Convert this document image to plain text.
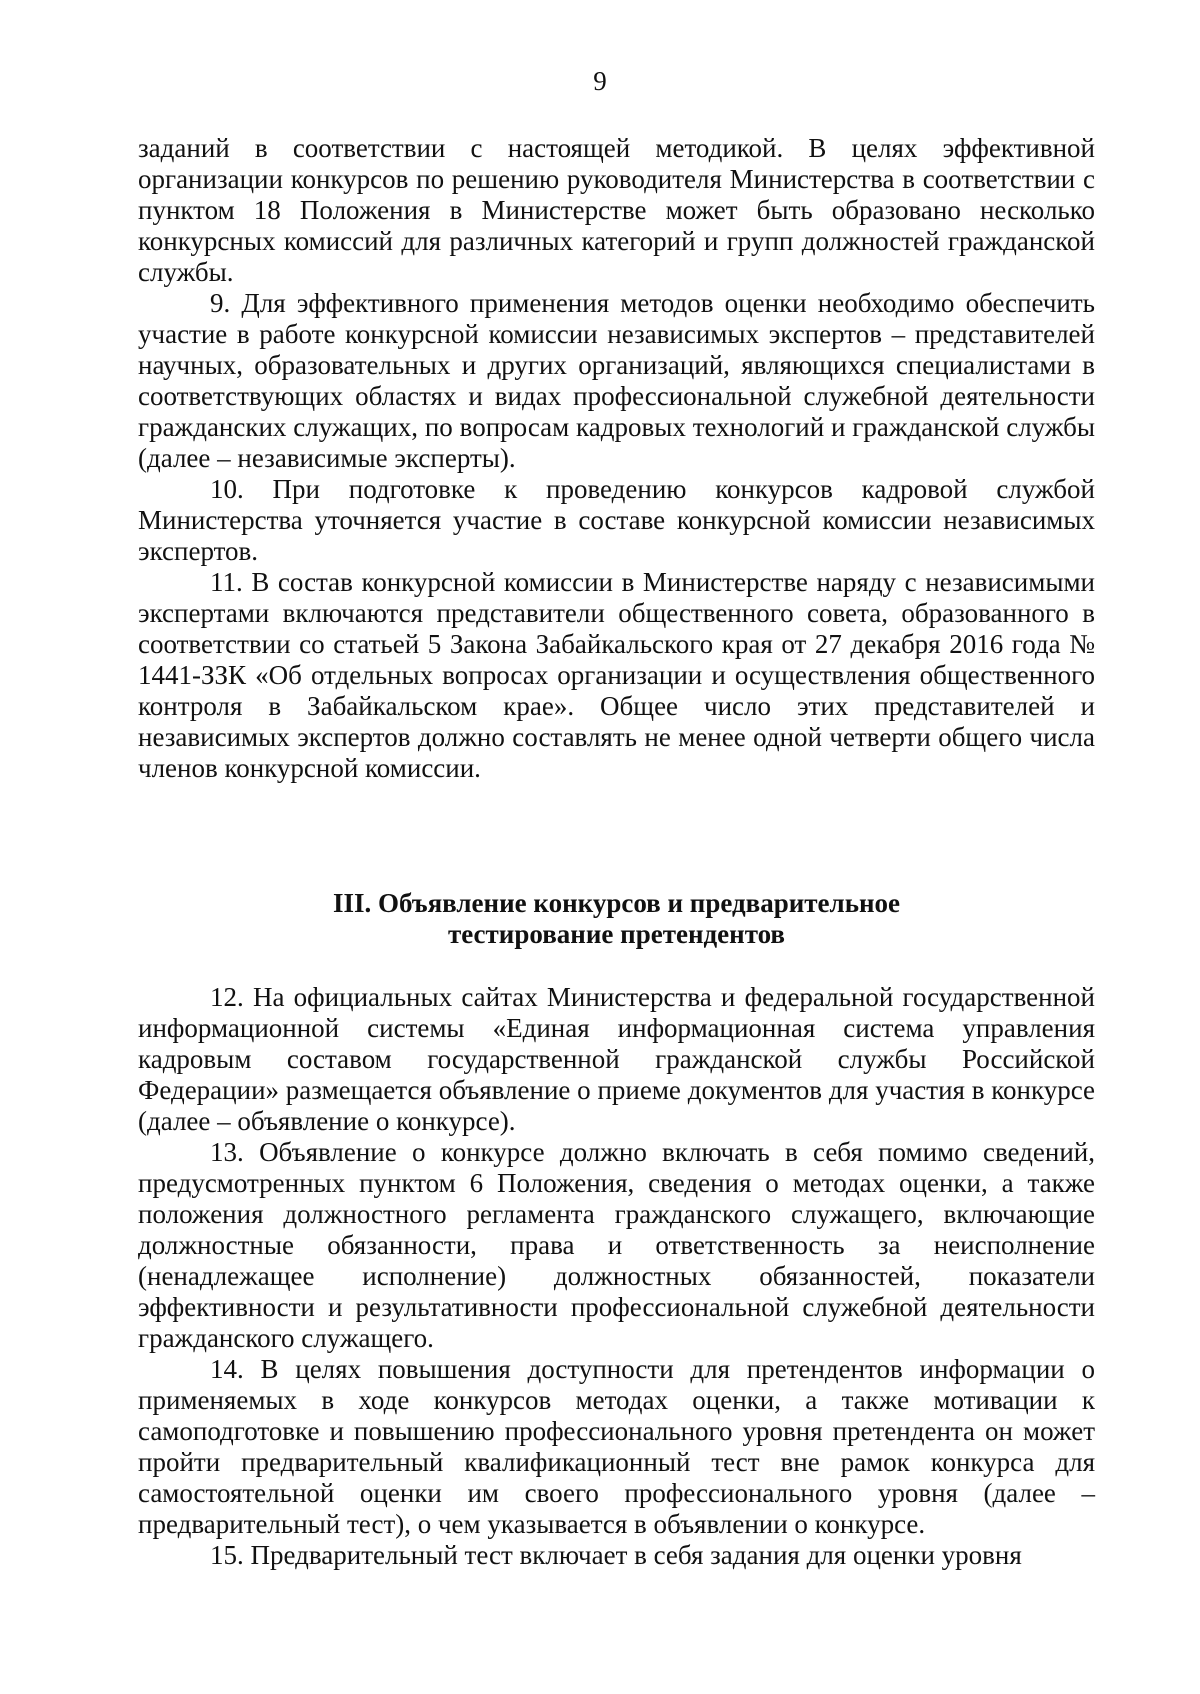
9

заданий в соответствии с настоящей методикой. В целях эффективной организации конкурсов по решению руководителя Министерства в соответствии с пунктом 18 Положения в Министерстве может быть образовано несколько конкурсных комиссий для различных категорий и групп должностей гражданской службы.

9. Для эффективного применения методов оценки необходимо обеспечить участие в работе конкурсной комиссии независимых экспертов – представителей научных, образовательных и других организаций, являющихся специалистами в соответствующих областях и видах профессиональной служебной деятельности гражданских служащих, по вопросам кадровых технологий и гражданской службы (далее – независимые эксперты).

10. При подготовке к проведению конкурсов кадровой службой Министерства уточняется участие в составе конкурсной комиссии независимых экспертов.

11. В состав конкурсной комиссии в Министерстве наряду с независимыми экспертами включаются представители общественного совета, образованного в соответствии со статьей 5 Закона Забайкальского края от 27 декабря 2016 года № 1441-ЗЗК «Об отдельных вопросах организации и осуществления общественного контроля в Забайкальском крае». Общее число этих представителей и независимых экспертов должно составлять не менее одной четверти общего числа членов конкурсной комиссии.

III. Объявление конкурсов и предварительное
тестирование претендентов

12. На официальных сайтах Министерства и федеральной государственной информационной системы «Единая информационная система управления кадровым составом государственной гражданской службы Российской Федерации» размещается объявление о приеме документов для участия в конкурсе (далее – объявление о конкурсе).

13. Объявление о конкурсе должно включать в себя помимо сведений, предусмотренных пунктом 6 Положения, сведения о методах оценки, а также положения должностного регламента гражданского служащего, включающие должностные обязанности, права и ответственность за неисполнение (ненадлежащее исполнение) должностных обязанностей, показатели эффективности и результативности профессиональной служебной деятельности гражданского служащего.

14. В целях повышения доступности для претендентов информации о применяемых в ходе конкурсов методах оценки, а также мотивации к самоподготовке и повышению профессионального уровня претендента он может пройти предварительный квалификационный тест вне рамок конкурса для самостоятельной оценки им своего профессионального уровня (далее – предварительный тест), о чем указывается в объявлении о конкурсе.

15. Предварительный тест включает в себя задания для оценки уровня
